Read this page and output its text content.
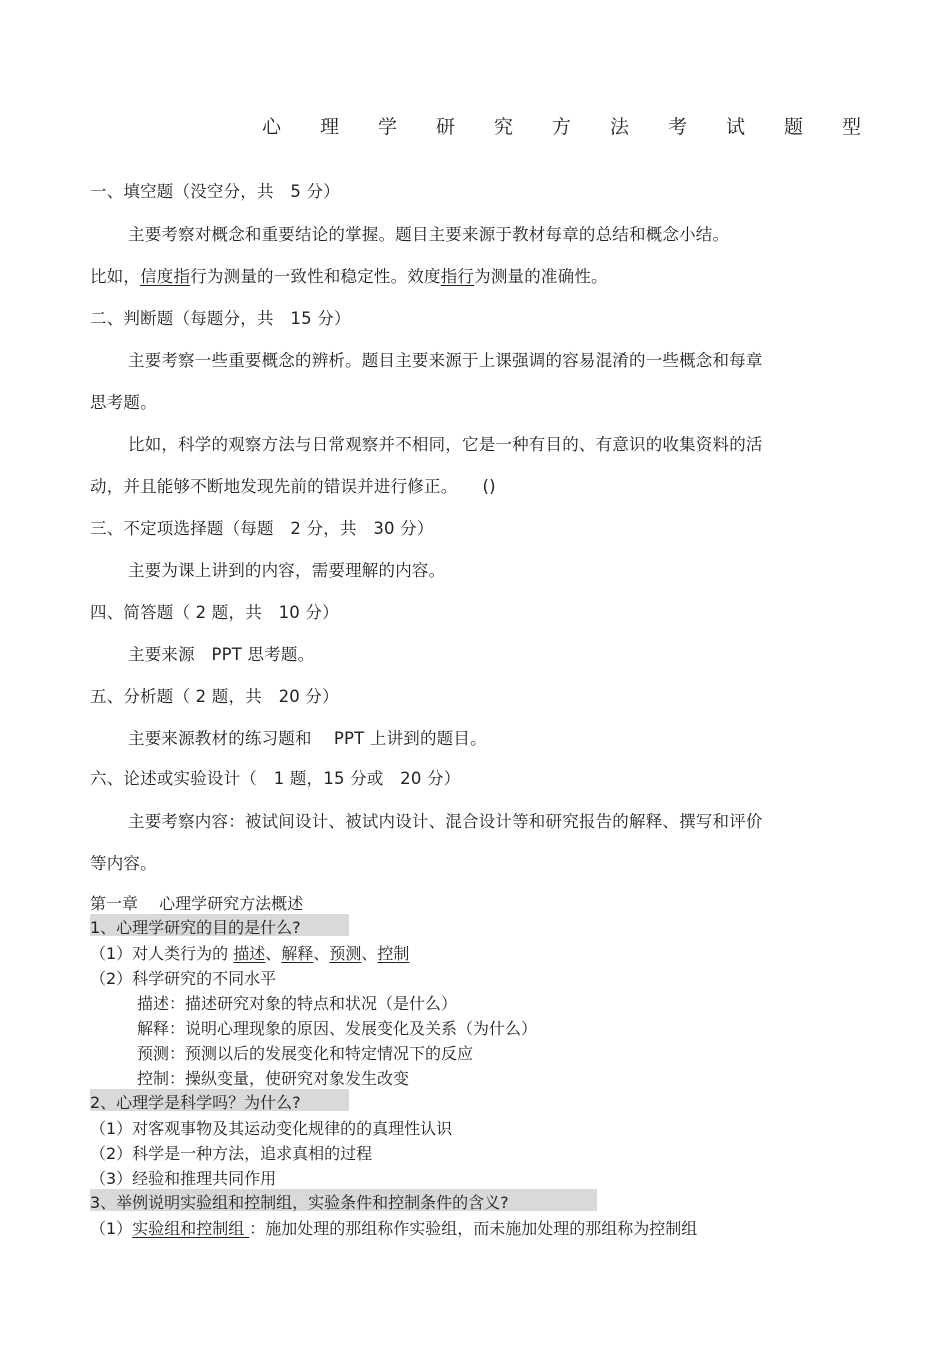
心 理 学 研 究 方 法 考 试 题 型
一、填空题（没空分，共　5 分）
主要考察对概念和重要结论的掌握。题目主要来源于教材每章的总结和概念小结。
比如，信度指行为测量的一致性和稳定性。效度指行为测量的准确性。
二、判断题（每题分，共　15 分）
主要考察一些重要概念的辨析。题目主要来源于上课强调的容易混淆的一些概念和每章
思考题。
比如，科学的观察方法与日常观察并不相同，它是一种有目的、有意识的收集资料的活
动，并且能够不断地发现先前的错误并进行修正。　　()
三、不定项选择题（每题　2 分，共　30 分）
主要为课上讲到的内容，需要理解的内容。
四、简答题（ 2 题，共　10 分）
主要来源　PPT 思考题。
五、分析题（ 2 题，共　20 分）
主要来源教材的练习题和　 PPT 上讲到的题目。
六、论述或实验设计（　1 题，15 分或　20 分）
主要考察内容：被试间设计、被试内设计、混合设计等和研究报告的解释、撰写和评价
等内容。
第一章　 心理学研究方法概述
1、心理学研究的目的是什么?
（1）对人类行为的 描述、解释、预测、控制
（2）科学研究的不同水平
描述：描述研究对象的特点和状况（是什么）
解释：说明心理现象的原因、发展变化及关系（为什么）
预测：预测以后的发展变化和特定情况下的反应
控制：操纵变量，使研究对象发生改变
2、心理学是科学吗？为什么?
（1）对客观事物及其运动变化规律的的真理性认识
（2）科学是一种方法，追求真相的过程
（3）经验和推理共同作用
3、举例说明实验组和控制组，实验条件和控制条件的含义?
（1）实验组和控制组 ：施加处理的那组称作实验组，而未施加处理的那组称为控制组
